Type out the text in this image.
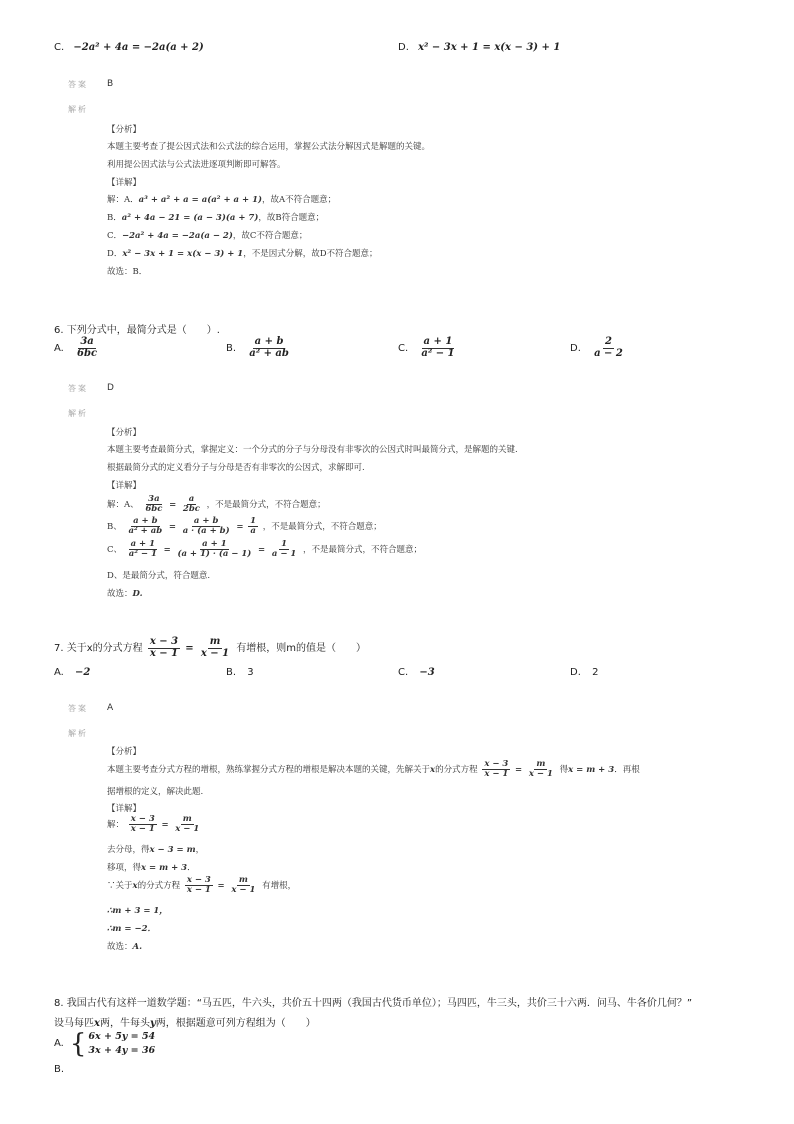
C. −2a² + 4a = −2a(a + 2)	D. x² − 3x + 1 = x(x − 3) + 1
答案 B
解析
【分析】
本题主要考查了提公因式法和公式法的综合运用，掌握公式法分解因式是解题的关键。
利用提公因式法与公式法进逐项判断即可解答。
【详解】
解：A．a³ + a² + a = a(a² + a + 1)，故A不符合题意；
B．a² + 4a − 21 = (a − 3)(a + 7)，故B符合题意；
C．−2a² + 4a = −2a(a − 2)，故C不符合题意；
D．x² − 3x + 1 = x(x − 3) + 1，不是因式分解，故D不符合题意；
故选：B．
6. 下列分式中，最简分式是（　　）.
A. $\frac{3a}{6bc}$	B. $\frac{a + b}{\text{a² + ab}}$	C. $\frac{a + 1}{\text{a² − 1}}$	D. $\frac{2}{a - 2}$
答案 D
解析
【分析】
本题主要考查最简分式，掌握定义：一个分式的分子与分母没有非零次的公因式时叫最简分式，是解题的关键.
根据最简分式的定义看分子与分母是否有非零次的公因式，求解即可.
【详解】
解：A、 $\frac{3a}{6bc} = \frac{a}{2bc}$ ，不是最简分式，不符合题意；
B、 $\frac{a + b}{\text{a² + ab}} = \frac{a + b}{a \cdot (a + b)} = \frac{1}{a}$ ，不是最简分式，不符合题意；
C、 $\frac{a + 1}{\text{a² − 1}} = \frac{a + 1}{(a + 1) \cdot (a - 1)} = \frac{1}{a - 1}$ ，不是最简分式，不符合题意；
D、是最简分式，符合题意.
故选：D.
7. 关于x的分式方程 $\frac{x - 3}{x - 1} = \frac{m}{x - 1}$ 有增根，则m的值是（　　）
A. −2	B. 3	C. −3	D. 2
答案 A
解析
【分析】
本题主要考查分式方程的增根，熟练掌握分式方程的增根是解决本题的关键，先解关于x的分式方程 $\frac{x - 3}{x - 1} = \frac{m}{x - 1}$ 得x = m + 3．再根
据增根的定义，解决此题.
【详解】
解： $\frac{x - 3}{x - 1} = \frac{m}{x - 1}$
去分母，得x − 3 = m，
移项，得x = m + 3．
∵关于x的分式方程 $\frac{x - 3}{x - 1} = \frac{m}{x - 1}$ 有增根，
∴m + 3 = 1，
∴m = −2．
故选：A.
8. 我国古代有这样一道数学题：“马五匹，牛六头，共价五十四两（我国古代货币单位）；马四匹，牛三头，共价三十六两．问马、牛各价几何？”
设马每匹x两，牛每头y两，根据题意可列方程组为（　　）
A. { 6x + 5y = 54
3x + 4y = 36
B.
